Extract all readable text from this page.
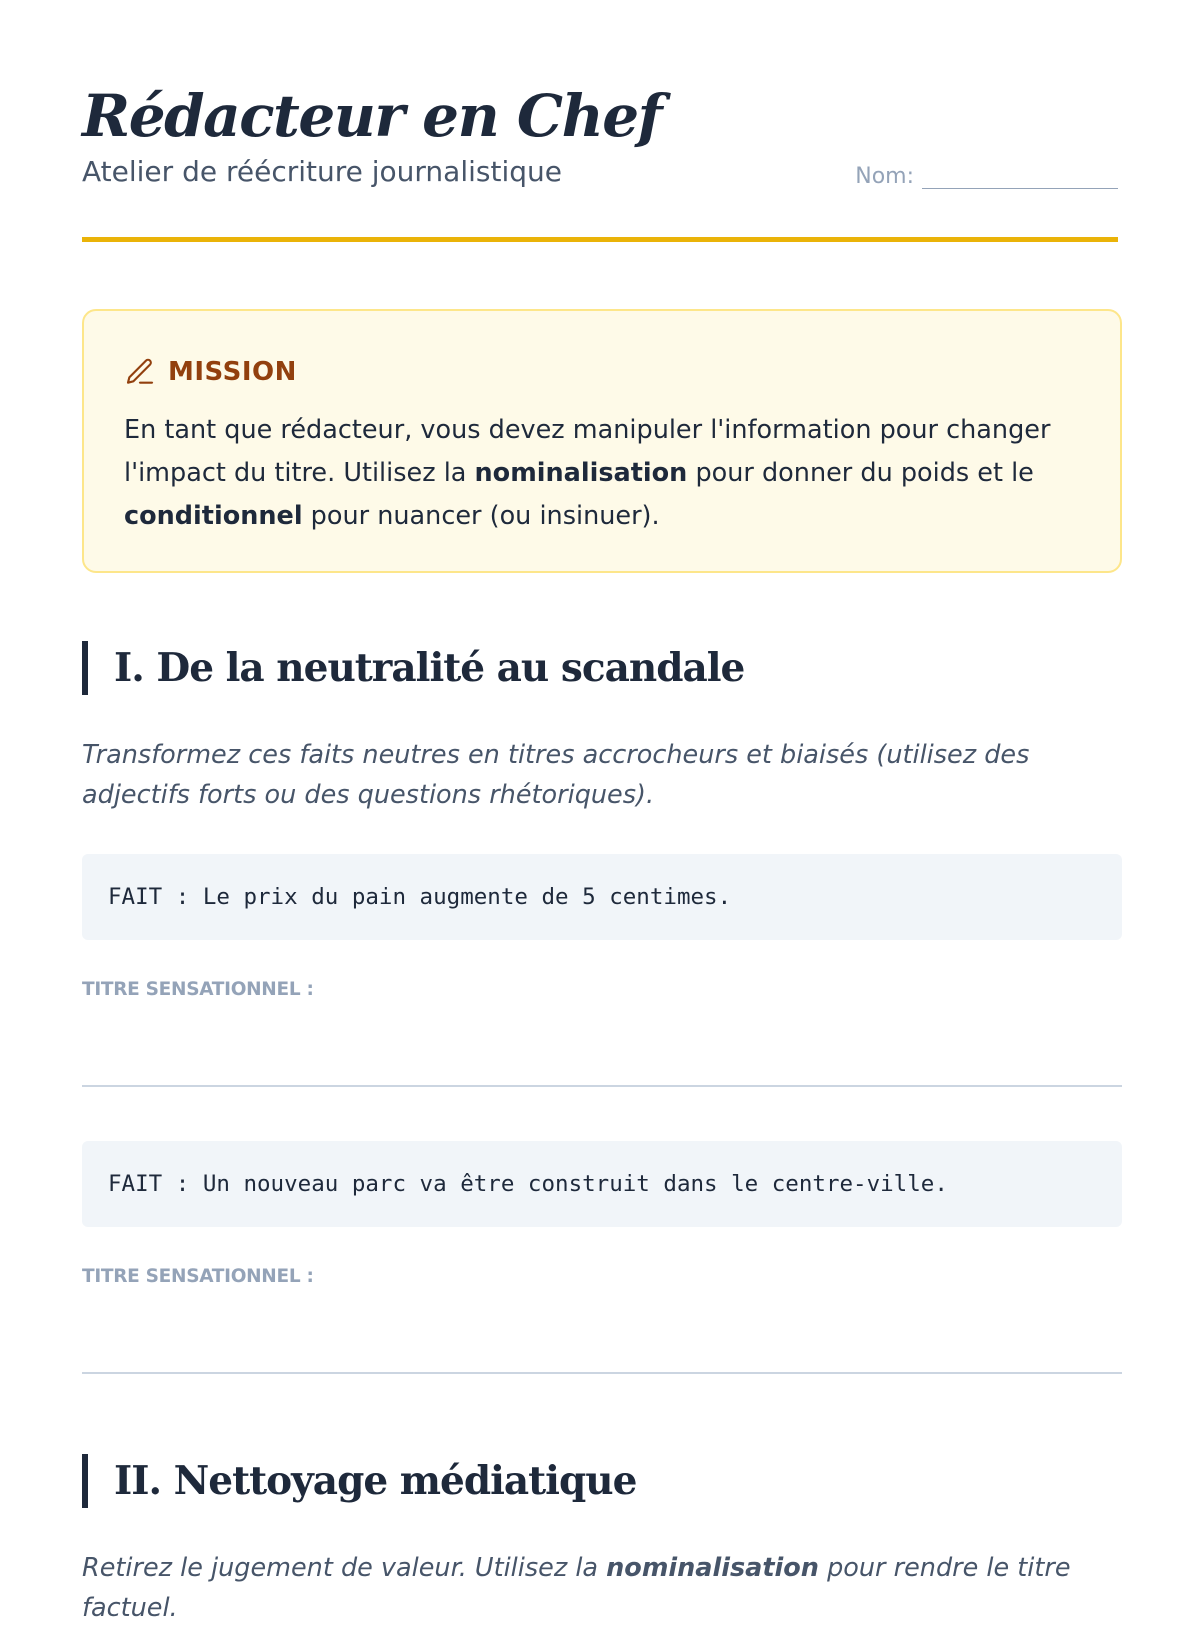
Rédacteur en Chef
Atelier de réécriture journalistique	Nom:
MISSION

En tant que rédacteur, vous devez manipuler l'information pour changer l'impact du titre. Utilisez la nominalisation pour donner du poids et le conditionnel pour nuancer (ou insinuer).

I. De la neutralité au scandale

Transformez ces faits neutres en titres accrocheurs et biaisés (utilisez des adjectifs forts ou des questions rhétoriques).

FAIT : Le prix du pain augmente de 5 centimes.
TITRE SENSATIONNEL :
FAIT : Un nouveau parc va être construit dans le centre-ville.
TITRE SENSATIONNEL :
II. Nettoyage médiatique

Retirez le jugement de valeur. Utilisez la nominalisation pour rendre le titre factuel.
